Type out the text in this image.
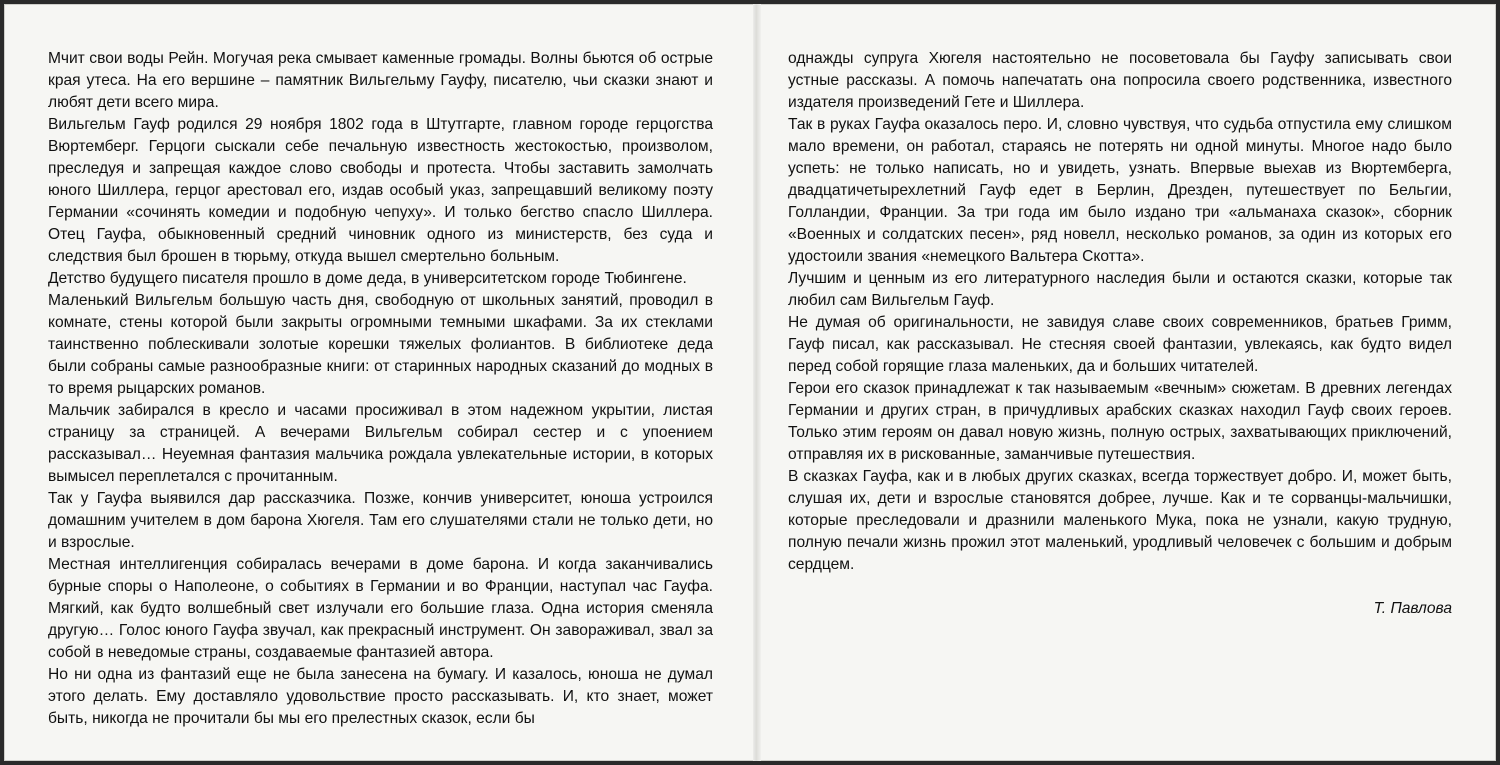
Мчит свои воды Рейн. Могучая река смывает каменные громады. Волны бьются об острые края утеса. На его вершине – памятник Вильгельму Гауфу, писателю, чьи сказки знают и любят дети всего мира.

Вильгельм Гауф родился 29 ноября 1802 года в Штутгарте, главном городе герцогства Вюртемберг. Герцоги сыскали себе печальную известность жестокостью, произволом, преследуя и запрещая каждое слово свободы и протеста. Чтобы заставить замолчать юного Шиллера, герцог арестовал его, издав особый указ, запрещавший великому поэту Германии «сочинять комедии и подобную чепуху». И только бегство спасло Шиллера. Отец Гауфа, обыкновенный средний чиновник одного из министерств, без суда и следствия был брошен в тюрьму, откуда вышел смертельно больным.

Детство будущего писателя прошло в доме деда, в университетском городе Тюбингене.

Маленький Вильгельм большую часть дня, свободную от школьных занятий, проводил в комнате, стены которой были закрыты огромными темными шкафами. За их стеклами таинственно поблескивали золотые корешки тяжелых фолиантов. В библиотеке деда были собраны самые разнообразные книги: от старинных народных сказаний до модных в то время рыцарских романов.

Мальчик забирался в кресло и часами просиживал в этом надежном укрытии, листая страницу за страницей. А вечерами Вильгельм собирал сестер и с упоением рассказывал… Неуемная фантазия мальчика рождала увлекательные истории, в которых вымысел переплетался с прочитанным.

Так у Гауфа выявился дар рассказчика. Позже, кончив университет, юноша устроился домашним учителем в дом барона Хюгеля. Там его слушателями стали не только дети, но и взрослые.

Местная интеллигенция собиралась вечерами в доме барона. И когда заканчивались бурные споры о Наполеоне, о событиях в Германии и во Франции, наступал час Гауфа. Мягкий, как будто волшебный свет излучали его большие глаза. Одна история сменяла другую… Голос юного Гауфа звучал, как прекрасный инструмент. Он завораживал, звал за собой в неведомые страны, создаваемые фантазией автора.

Но ни одна из фантазий еще не была занесена на бумагу. И казалось, юноша не думал этого делать. Ему доставляло удовольствие просто рассказывать. И, кто знает, может быть, никогда не прочитали бы мы его прелестных сказок, если бы

однажды супруга Хюгеля настоятельно не посоветовала бы Гауфу записывать свои устные рассказы. А помочь напечатать она попросила своего родственника, известного издателя произведений Гете и Шиллера.

Так в руках Гауфа оказалось перо. И, словно чувствуя, что судьба отпустила ему слишком мало времени, он работал, стараясь не потерять ни одной минуты. Многое надо было успеть: не только написать, но и увидеть, узнать. Впервые выехав из Вюртемберга, двадцатичетырехлетний Гауф едет в Берлин, Дрезден, путешествует по Бельгии, Голландии, Франции. За три года им было издано три «альманаха сказок», сборник «Военных и солдатских песен», ряд новелл, несколько романов, за один из которых его удостоили звания «немецкого Вальтера Скотта».

Лучшим и ценным из его литературного наследия были и остаются сказки, которые так любил сам Вильгельм Гауф.

Не думая об оригинальности, не завидуя славе своих современников, братьев Гримм, Гауф писал, как рассказывал. Не стесняя своей фантазии, увлекаясь, как будто видел перед собой горящие глаза маленьких, да и больших читателей.

Герои его сказок принадлежат к так называемым «вечным» сюжетам. В древних легендах Германии и других стран, в причудливых арабских сказках находил Гауф своих героев. Только этим героям он давал новую жизнь, полную острых, захватывающих приключений, отправляя их в рискованные, заманчивые путешествия.

В сказках Гауфа, как и в любых других сказках, всегда торжествует добро. И, может быть, слушая их, дети и взрослые становятся добрее, лучше. Как и те сорванцы-мальчишки, которые преследовали и дразнили маленького Мука, пока не узнали, какую трудную, полную печали жизнь прожил этот маленький, уродливый человечек с большим и добрым сердцем.

Т. Павлова
